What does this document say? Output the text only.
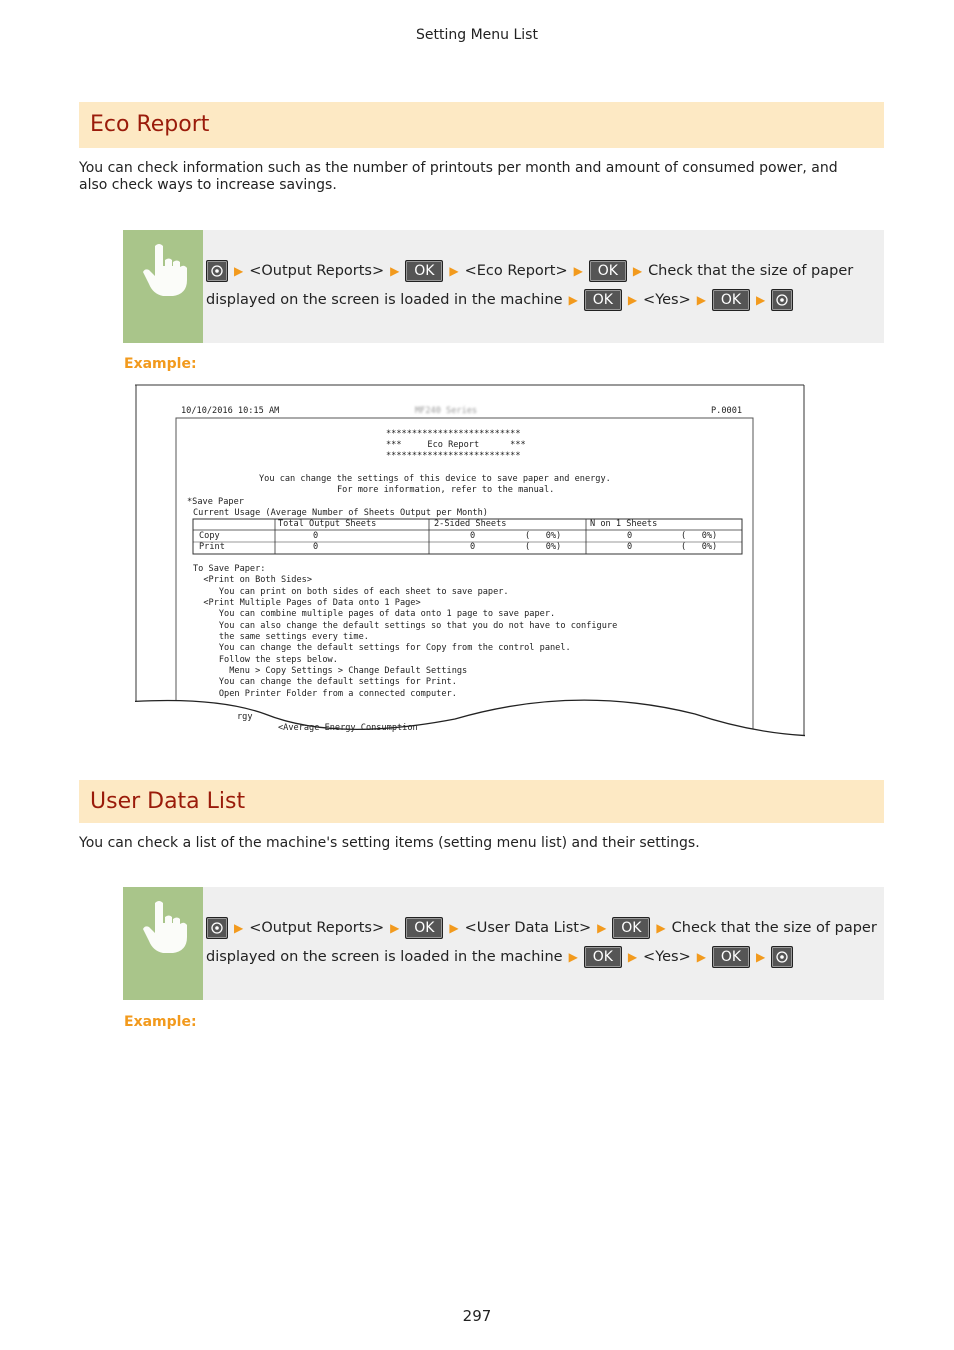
Setting Menu List
Eco Report
You can check information such as the number of printouts per month and amount of consumed power, and also check ways to increase savings.
▶ <Output Reports> ▶	OK	▶ <Eco Report> ▶	OK	▶ Check that the size of paper
displayed on the screen is loaded in the machine ▶	OK	▶ <Yes> ▶	OK	▶
Example:
10/10/2016 10:15 AM	MF240 Series	P.0001
**************************
***     Eco Report      ***
**************************
You can change the settings of this device to save paper and energy.
For more information, refer to the manual.
*Save Paper
Current Usage (Average Number of Sheets Output per Month)
Total Output Sheets	2-Sided Sheets	N on 1 Sheets
Copy	0	0	(   0%)	0	(   0%)
Print	0	0	(   0%)	0	(   0%)
To Save Paper:
<Print on Both Sides>
You can print on both sides of each sheet to save paper.
<Print Multiple Pages of Data onto 1 Page>
You can combine multiple pages of data onto 1 page to save paper.
You can also change the default settings so that you do not have to configure
the same settings every time.
You can change the default settings for Copy from the control panel.
Follow the steps below.
Menu > Copy Settings > Change Default Settings
You can change the default settings for Print.
Open Printer Folder from a connected computer.
rgy
<Average Energy Consumption
User Data List
You can check a list of the machine's setting items (setting menu list) and their settings.
▶ <Output Reports> ▶	OK	▶ <User Data List> ▶	OK	▶ Check that the size of paper
displayed on the screen is loaded in the machine ▶	OK	▶ <Yes> ▶	OK	▶
Example:
297
